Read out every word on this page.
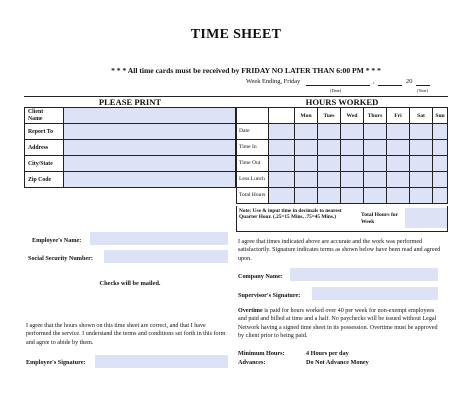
TIME SHEET
* * * All time cards must be received by FRIDAY NO LATER THAN 6:00 PM * * *
Week Ending, Friday	,	20
(Date)	(Year)
PLEASE PRINT	HOURS WORKED
Client Name	

Report To	

Address	

City/State	

Zip Code	

		Mon	Tues	Wed	Thurs	Fri	Sat	Sun

Date								

Time In								

Time Out								

Less Lunch								

Total Hours								

Note: Use & input time in decimals to nearest Quarter Hour. (.25=15 Mins, .75=45 Mins.)	Total Hours for Week
Employee's Name:
Social Security Number:
Checks will be mailed.
I agree that the hours shown on this time sheet are correct, and that I have performed the service. I understand the terms and conditions set forth in this form and agree to abide by them.
Employee's Signature:
I agree that times indicated above are accurate and the work was performed satisfactorily. Signature indicates terms as shown below have been read and agreed upon.
Company Name:
Supervisor's Signature:
Overtime is paid for hours worked over 40 per week for non-exempt employees and paid and billed at time and a half. No paychecks will be issued without Legal Network having a signed time sheet in its possession. Overtime must be approved by client prior to being paid.
Minimum Hours:	4 Hours per day
Advances:	Do Not Advance Money
